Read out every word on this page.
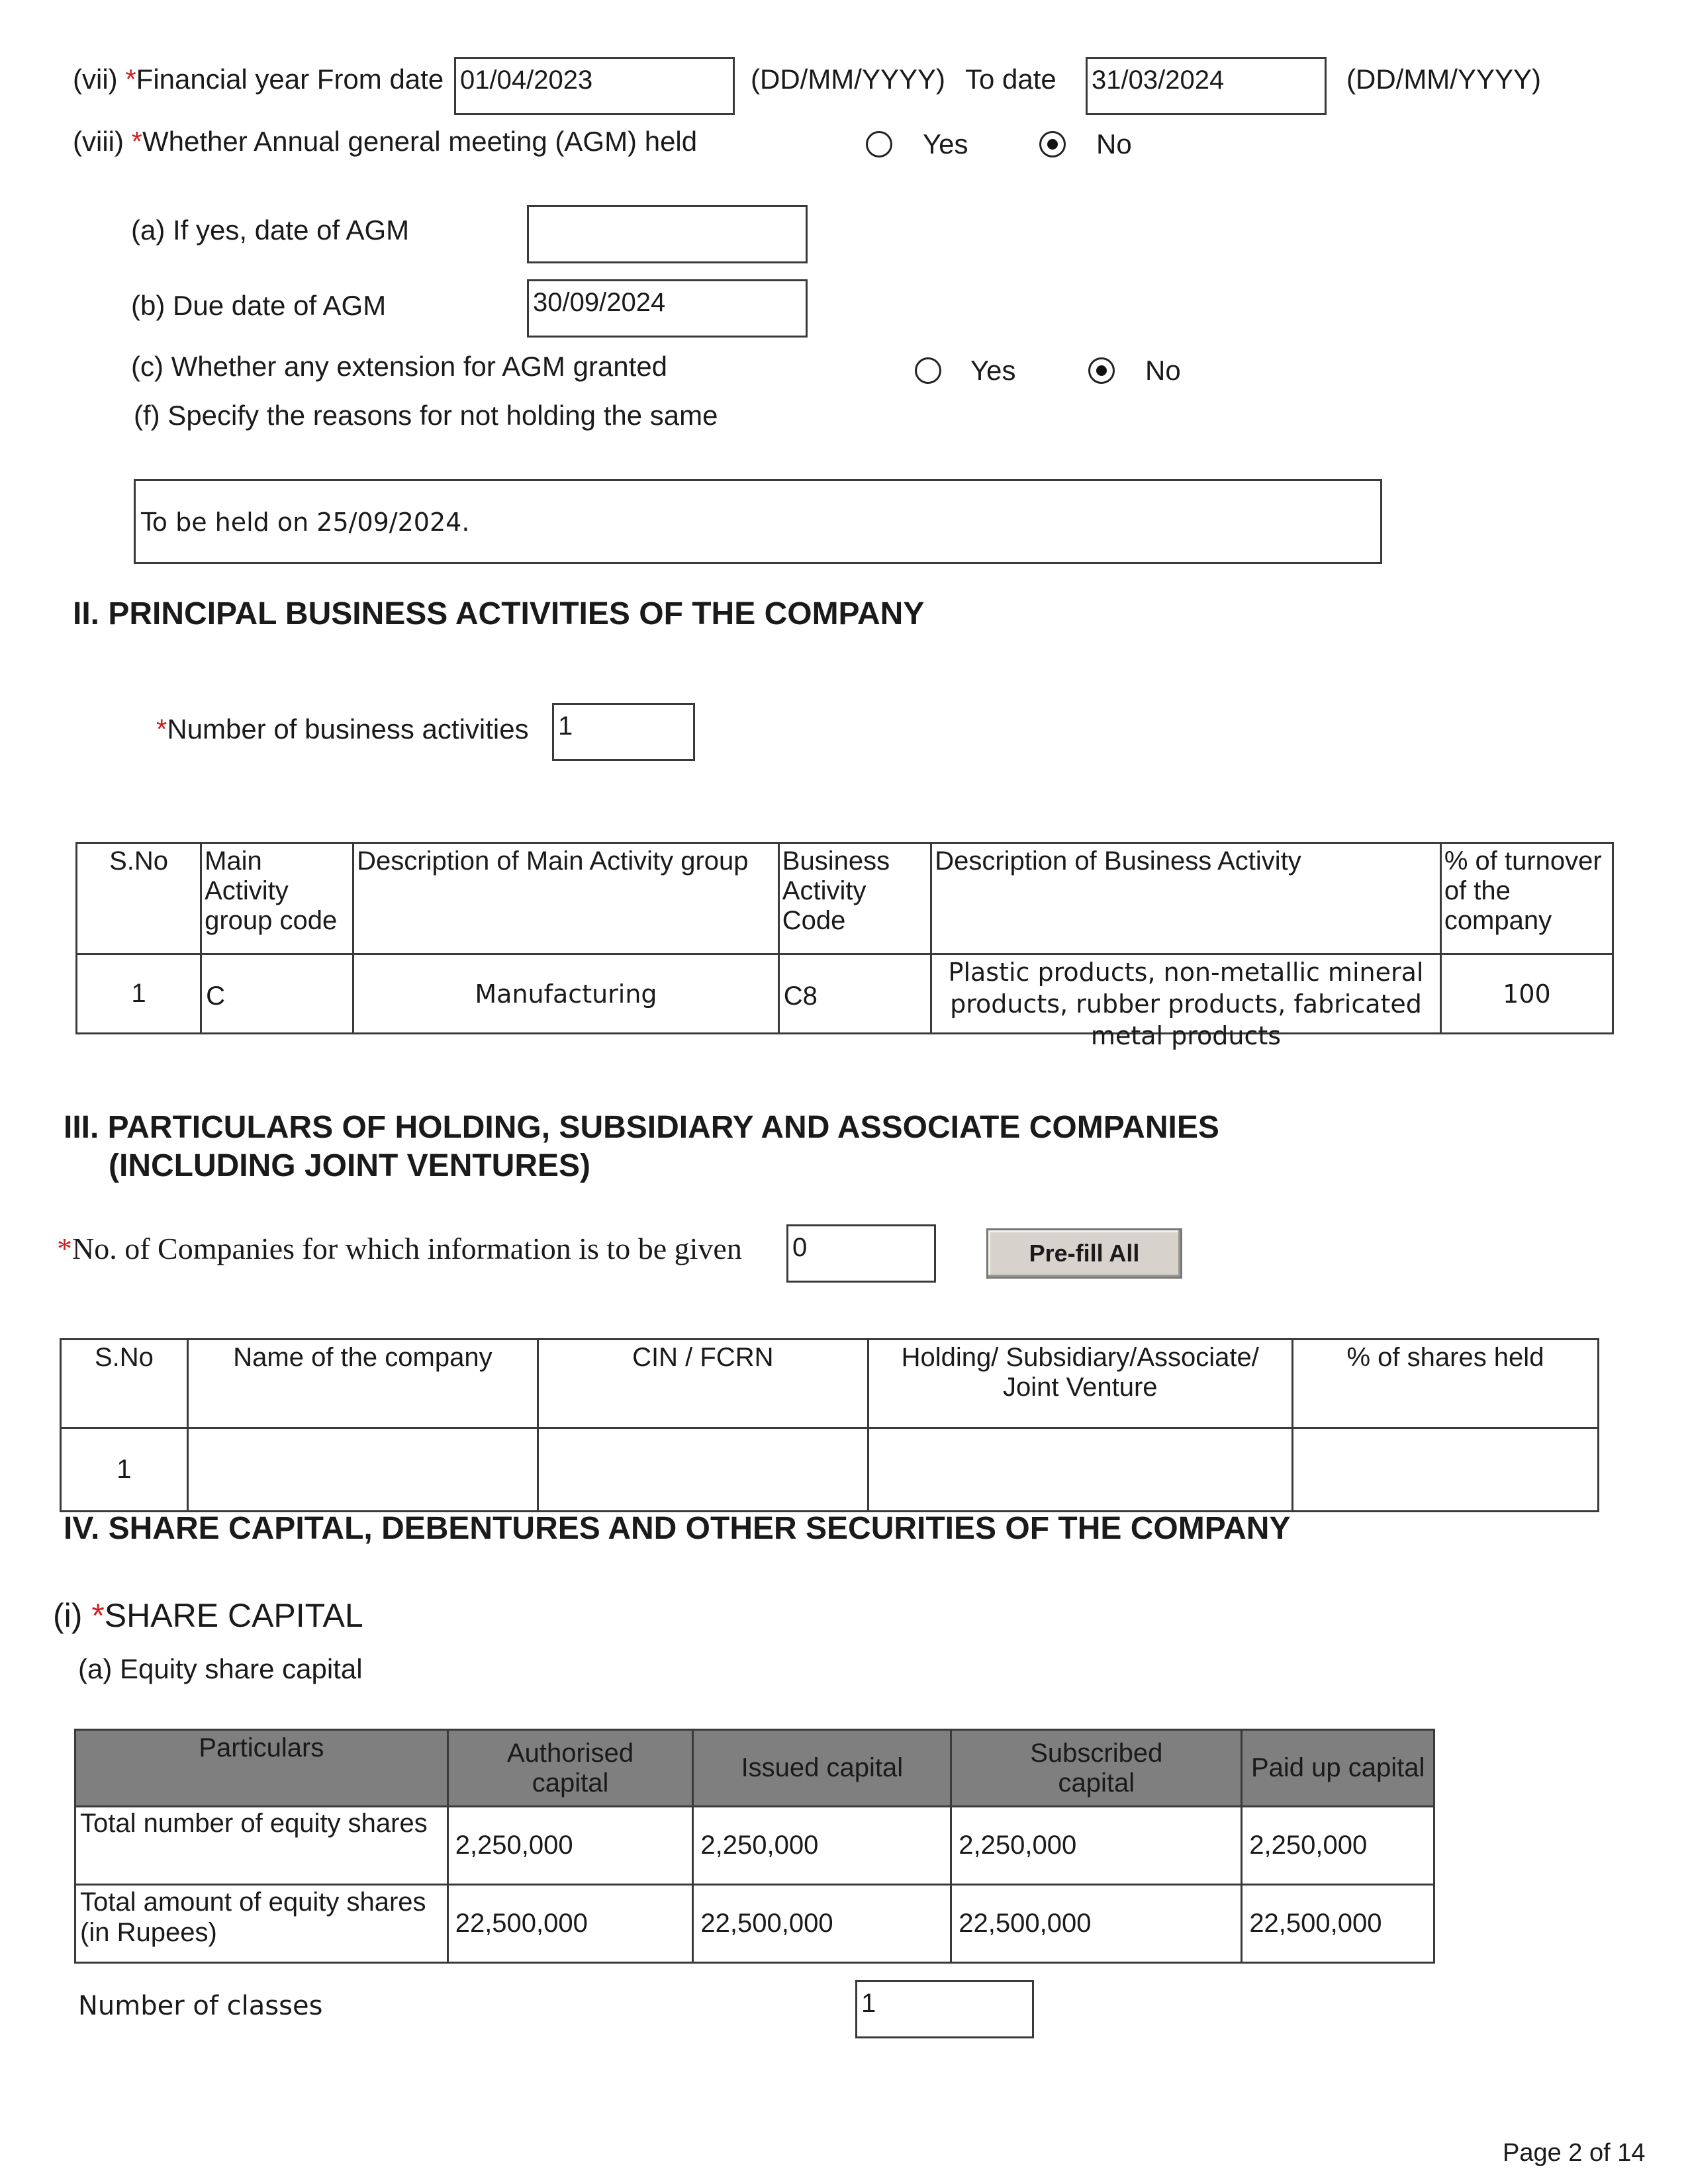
(vii) *Financial year From date 01/04/2023	(DD/MM/YYYY) To date 31/03/2024	(DD/MM/YYYY)
(viii) *Whether Annual general meeting (AGM) held	Yes	No
(a) If yes, date of AGM
(b) Due date of AGM	30/09/2024
(c) Whether any extension for AGM granted	Yes	No
(f) Specify the reasons for not holding the same
To be held on 25/09/2024.
II. PRINCIPAL BUSINESS ACTIVITIES OF THE COMPANY
*Number of business activities 1
S.No	Main Activity group code	Description of Main Activity group	Business Activity Code	Description of Business Activity	% of turnover of the company
1	C	Manufacturing	C8	Plastic products, non-metallic mineral products, rubber products, fabricated metal products	100
III. PARTICULARS OF HOLDING, SUBSIDIARY AND ASSOCIATE COMPANIES
(INCLUDING JOINT VENTURES)
*No. of Companies for which information is to be given 0	Pre-fill All
S.No	Name of the company	CIN / FCRN	Holding/ Subsidiary/Associate/ Joint Venture	% of shares held
1				
IV. SHARE CAPITAL, DEBENTURES AND OTHER SECURITIES OF THE COMPANY
(i) *SHARE CAPITAL
(a) Equity share capital
Particulars	Authorised capital	Issued capital	Subscribed capital	Paid up capital
Total number of equity shares	2,250,000	2,250,000	2,250,000	2,250,000
Total amount of equity shares (in Rupees)	22,500,000	22,500,000	22,500,000	22,500,000
Number of classes	1
Page 2 of 14
